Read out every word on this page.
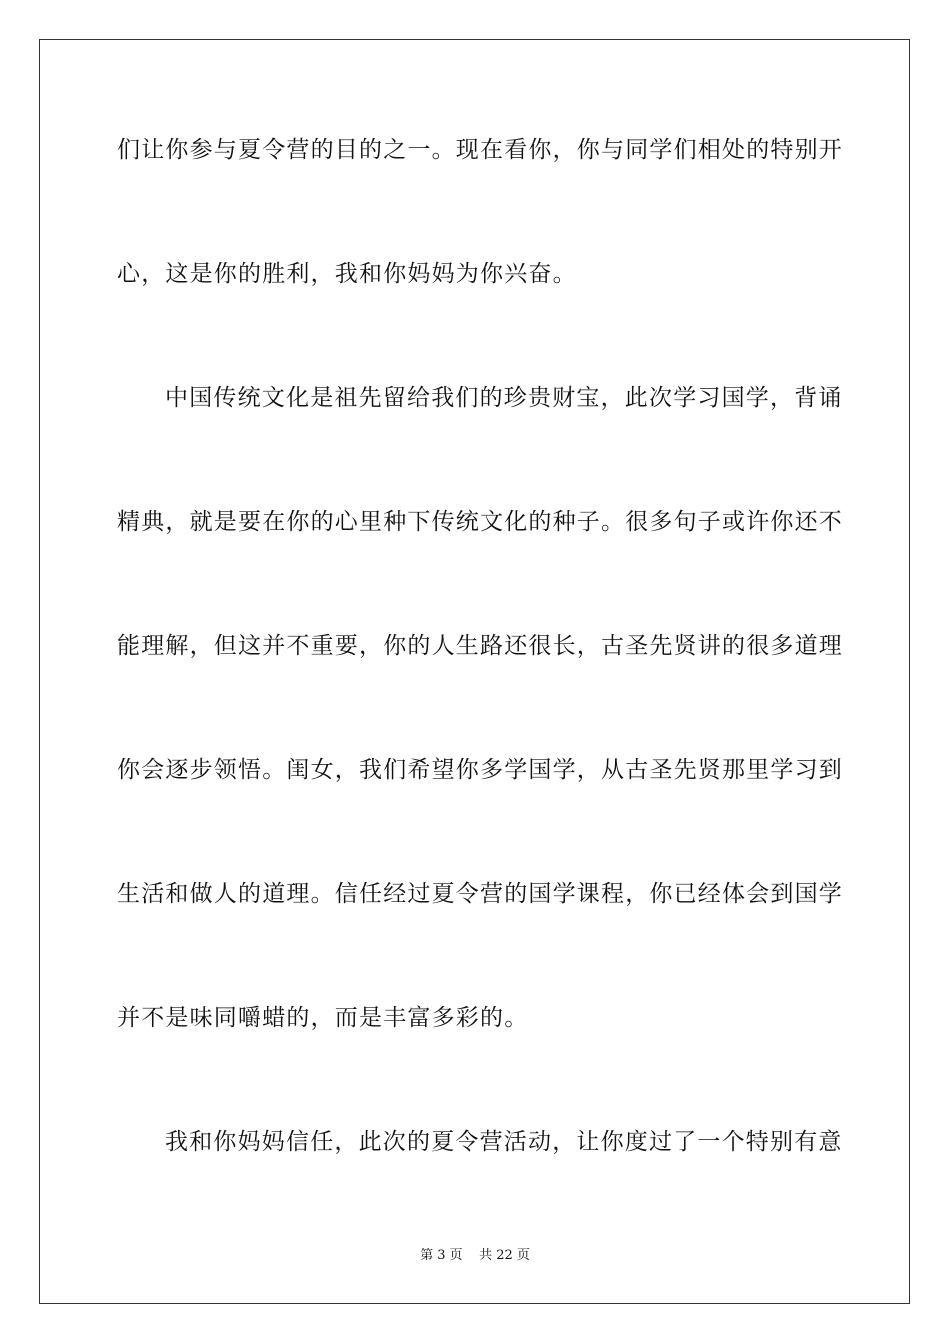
们让你参与夏令营的目的之一。现在看你，你与同学们相处的特别开
心，这是你的胜利，我和你妈妈为你兴奋。
中国传统文化是祖先留给我们的珍贵财宝，此次学习国学，背诵
精典，就是要在你的心里种下传统文化的种子。很多句子或许你还不
能理解，但这并不重要，你的人生路还很长，古圣先贤讲的很多道理
你会逐步领悟。闺女，我们希望你多学国学，从古圣先贤那里学习到
生活和做人的道理。信任经过夏令营的国学课程，你已经体会到国学
并不是味同嚼蜡的，而是丰富多彩的。
我和你妈妈信任，此次的夏令营活动，让你度过了一个特别有意
第 3 页    共 22 页
